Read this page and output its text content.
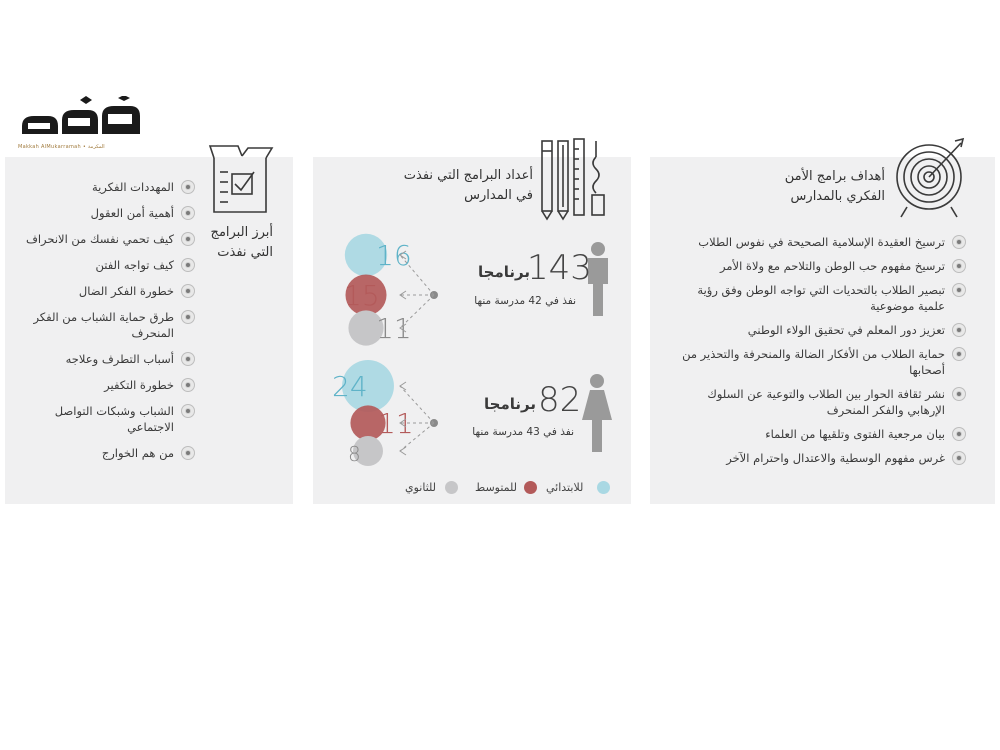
Makkah AlMukarramah • المكرمة
أهداف برامج الأمن الفكري بالمدارس
ترسيخ العقيدة الإسلامية الصحيحة في نفوس الطلاب
ترسيخ مفهوم حب الوطن والتلاحم مع ولاة الأمر
تبصير الطلاب بالتحديات التي تواجه الوطن وفق رؤية علمية موضوعية
تعزيز دور المعلم في تحقيق الولاء الوطني
حماية الطلاب من الأفكار الضالة والمنحرفة والتحذير من أصحابها
نشر ثقافة الحوار بين الطلاب والتوعية عن السلوك الإرهابي والفكر المنحرف
بيان مرجعية الفتوى وتلقيها من العلماء
غرس مفهوم الوسطية والاعتدال واحترام الآخر
أعداد البرامج التي نفذت في المدارس
المهددات الفكرية
أهمية أمن العقول
كيف تحمي نفسك من الانحراف
كيف تواجه الفتن
خطورة الفكر الضال
طرق حماية الشباب من الفكر المنحرف
أسباب التطرف وعلاجه
خطورة التكفير
الشباب وشبكات التواصل الاجتماعي
من هم الخوارج
أبرز البرامج التي نفذت	16
15
11
24
11
8
143
برنامجا
نفذ في 42 مدرسة منها
82
برنامجا
نفذ في 43 مدرسة منها
للابتدائي
للمتوسط
للثانوي
